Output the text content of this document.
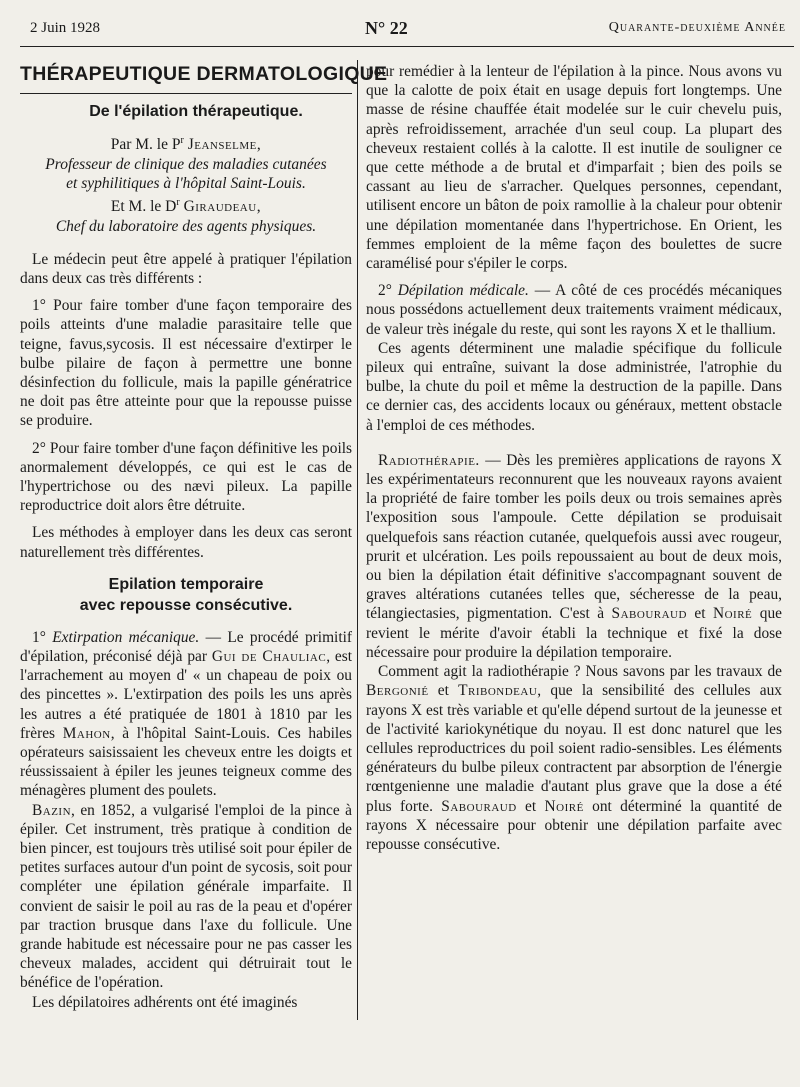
2 Juin 1928	N° 22	Quarante-deuxième Année
THÉRAPEUTIQUE DERMATOLOGIQUE
De l'épilation thérapeutique.

Par M. le $P^r$ Jeanselme,

Professeur de clinique des maladies cutanées

et syphilitiques à l'hôpital Saint-Louis.

Et M. le $D^r$ Giraudeau,

Chef du laboratoire des agents physiques.

Le médecin peut être appelé à pratiquer l'épilation dans deux cas très différents :

1° Pour faire tomber d'une façon temporaire des poils atteints d'une maladie parasitaire telle que teigne, favus,sycosis. Il est nécessaire d'extirper le bulbe pilaire de façon à permettre une bonne désinfection du follicule, mais la papille génératrice ne doit pas être atteinte pour que la repousse puisse se produire.

2° Pour faire tomber d'une façon définitive les poils anormalement développés, ce qui est le cas de l'hypertrichose ou des nævi pileux. La papille reproductrice doit alors être détruite.

Les méthodes à employer dans les deux cas seront naturellement très différentes.

Epilation temporaire
avec repousse consécutive.

1° Extirpation mécanique. — Le procédé primitif d'épilation, préconisé déjà par Gui de Chauliac, est l'arrachement au moyen d' « un chapeau de poix ou des pincettes ». L'extirpation des poils les uns après les autres a été pratiquée de 1801 à 1810 par les frères Mahon, à l'hôpital Saint-Louis. Ces habiles opérateurs saisissaient les cheveux entre les doigts et réussissaient à épiler les jeunes teigneux comme des ménagères plument des poulets.

Bazin, en 1852, a vulgarisé l'emploi de la pince à épiler. Cet instrument, très pratique à condition de bien pincer, est toujours très utilisé soit pour épiler de petites surfaces autour d'un point de sycosis, soit pour compléter une épilation générale imparfaite. Il convient de saisir le poil au ras de la peau et d'opérer par traction brusque dans l'axe du follicule. Une grande habitude est nécessaire pour ne pas casser les cheveux malades, accident qui détruirait tout le bénéfice de l'opération.

Les dépilatoires adhérents ont été imaginés

pour remédier à la lenteur de l'épilation à la pince. Nous avons vu que la calotte de poix était en usage depuis fort longtemps. Une masse de résine chauffée était modelée sur le cuir chevelu puis, après refroidissement, arrachée d'un seul coup. La plupart des cheveux restaient collés à la calotte. Il est inutile de souligner ce que cette méthode a de brutal et d'imparfait ; bien des poils se cassant au lieu de s'arracher. Quelques personnes, cependant, utilisent encore un bâton de poix ramollie à la chaleur pour obtenir une dépilation momentanée dans l'hypertrichose. En Orient, les femmes emploient de la même façon des boulettes de sucre caramélisé pour s'épiler le corps.

2° Dépilation médicale. — A côté de ces procédés mécaniques nous possédons actuellement deux traitements vraiment médicaux, de valeur très inégale du reste, qui sont les rayons X et le thallium.

Ces agents déterminent une maladie spécifique du follicule pileux qui entraîne, suivant la dose administrée, l'atrophie du bulbe, la chute du poil et même la destruction de la papille. Dans ce dernier cas, des accidents locaux ou généraux, mettent obstacle à l'emploi de ces méthodes.

Radiothérapie. — Dès les premières applications de rayons X les expérimentateurs reconnurent que les nouveaux rayons avaient la propriété de faire tomber les poils deux ou trois semaines après l'exposition sous l'ampoule. Cette dépilation se produisait quelquefois sans réaction cutanée, quelquefois aussi avec rougeur, prurit et ulcération. Les poils repoussaient au bout de deux mois, ou bien la dépilation était définitive s'accompagnant souvent de graves altérations cutanées telles que, sécheresse de la peau, télangiectasies, pigmentation. C'est à Sabouraud et Noiré que revient le mérite d'avoir établi la technique et fixé la dose nécessaire pour produire la dépilation temporaire.

Comment agit la radiothérapie ? Nous savons par les travaux de Bergonié et Tribondeau, que la sensibilité des cellules aux rayons X est très variable et qu'elle dépend surtout de la jeunesse et de l'activité kariokynétique du noyau. Il est donc naturel que les cellules reproductrices du poil soient radio-sensibles. Les éléments générateurs du bulbe pileux contractent par absorption de l'énergie rœntgenienne une maladie d'autant plus grave que la dose a été plus forte. Sabouraud et Noiré ont déterminé la quantité de rayons X nécessaire pour obtenir une dépilation parfaite avec repousse consécutive.
